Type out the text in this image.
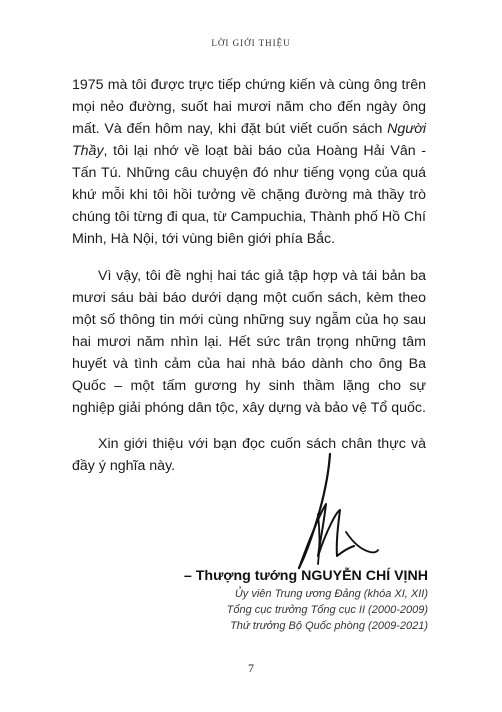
LỜI GIỚI THIỆU

1975 mà tôi được trực tiếp chứng kiến và cùng ông trên mọi nẻo đường, suốt hai mươi năm cho đến ngày ông mất. Và đến hôm nay, khi đặt bút viết cuốn sách Người Thầy, tôi lại nhớ về loạt bài báo của Hoàng Hải Vân - Tấn Tú. Những câu chuyện đó như tiếng vọng của quá khứ mỗi khi tôi hồi tưởng về chặng đường mà thầy trò chúng tôi từng đi qua, từ Campuchia, Thành phố Hồ Chí Minh, Hà Nội, tới vùng biên giới phía Bắc.

Vì vậy, tôi đề nghị hai tác giả tập hợp và tái bản ba mươi sáu bài báo dưới dạng một cuốn sách, kèm theo một số thông tin mới cùng những suy ngẫm của họ sau hai mươi năm nhìn lại. Hết sức trân trọng những tâm huyết và tình cảm của hai nhà báo dành cho ông Ba Quốc – một tấm gương hy sinh thầm lặng cho sự nghiệp giải phóng dân tộc, xây dựng và bảo vệ Tổ quốc.

Xin giới thiệu với bạn đọc cuốn sách chân thực và đầy ý nghĩa này.

– Thượng tướng NGUYỄN CHÍ VỊNH
Ủy viên Trung ương Đảng (khóa XI, XII)
Tổng cục trưởng Tổng cục II (2000-2009)
Thứ trưởng Bộ Quốc phòng (2009-2021)
7
